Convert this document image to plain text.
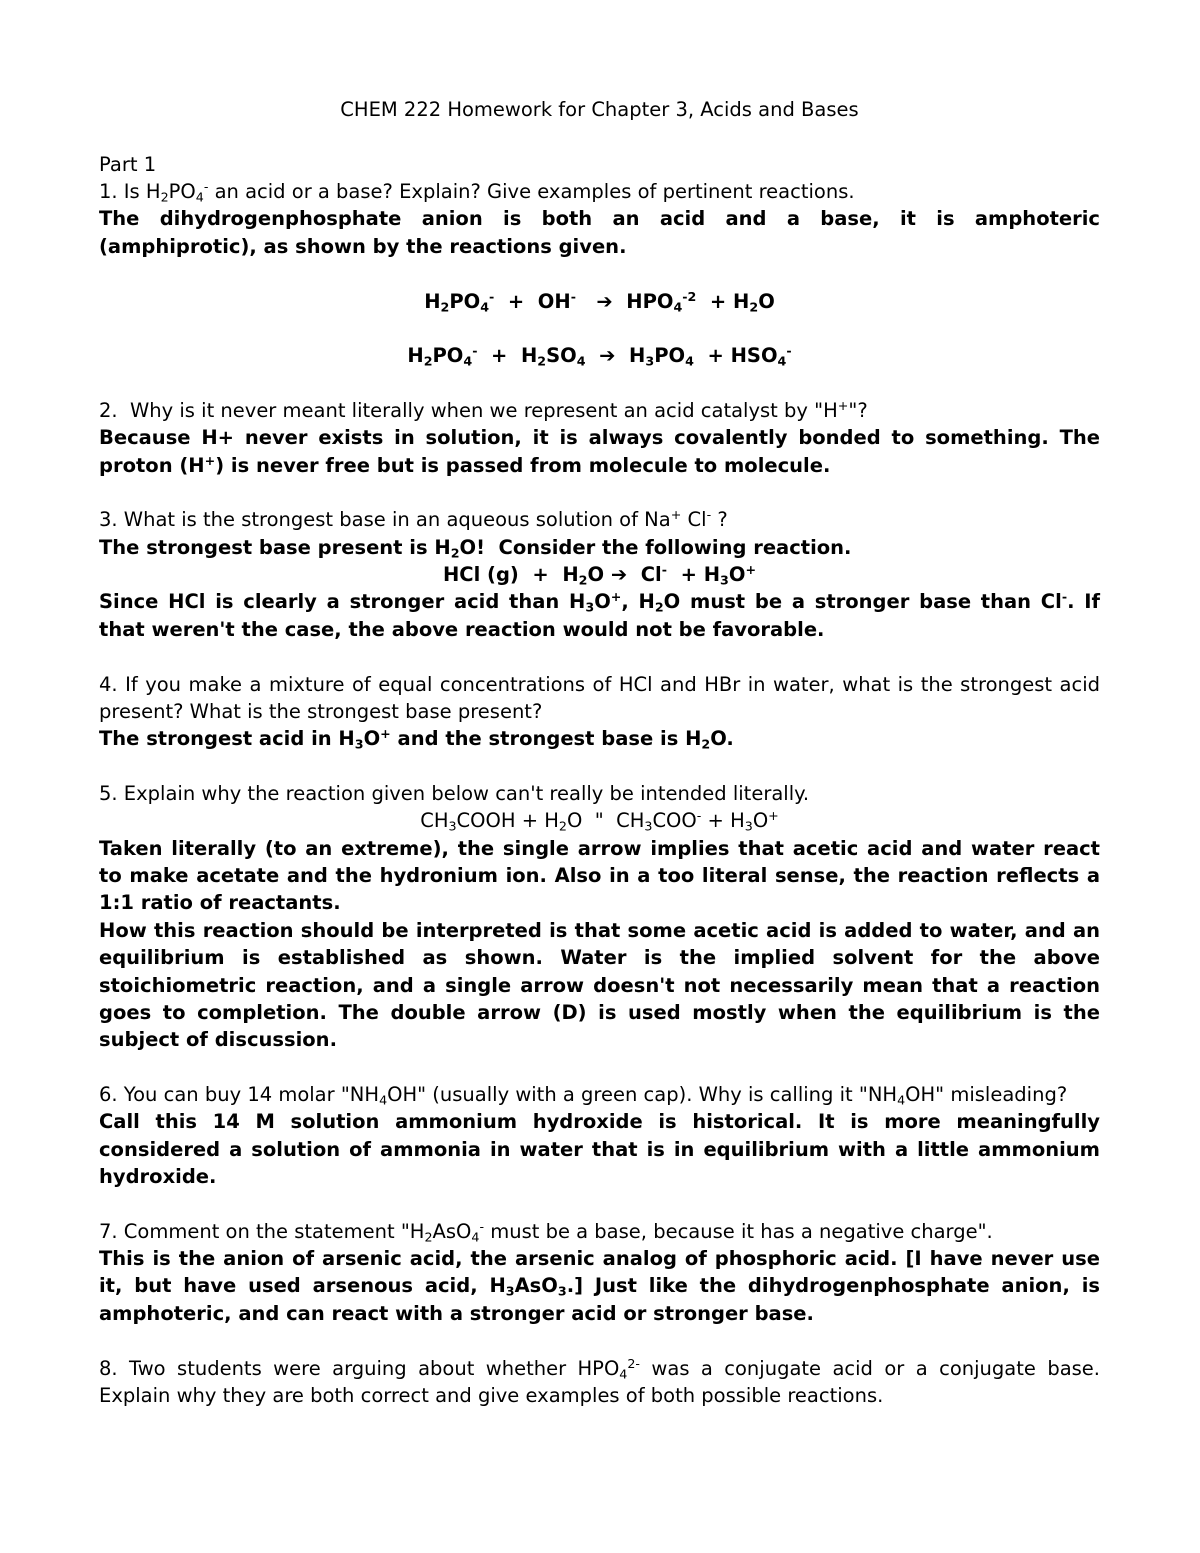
CHEM 222 Homework for Chapter 3, Acids and Bases
Part 1
1. Is $H_2PO_4^-$ an acid or a base? Explain? Give examples of pertinent reactions.
The dihydrogenphosphate anion is both an acid and a base, it is amphoteric
(amphiprotic), as shown by the reactions given.
$H_2PO_4^- + OH^-$   ➔  $HPO_4^{-2} + H_2O$
$H_2PO_4^- + H_2SO_4$  ➔  $H_3PO_4 + HSO_4^-$
2.  Why is it never meant literally when we represent an acid catalyst by "H+"?
Because H+ never exists in solution, it is always covalently bonded to something. The
proton (H+) is never free but is passed from molecule to molecule.
3. What is the strongest base in an aqueous solution of Na+ Cl- ?
The strongest base present is $H_2O$!  Consider the following reaction.
HCl $(g) + H_2O$ ➔  $Cl^- + H_3O^+$
Since HCl is clearly a stronger acid than $H_3O^+$, $H_2O$ must be a stronger base than Cl-. If
that weren't the case, the above reaction would not be favorable.
4. If you make a mixture of equal concentrations of HCl and HBr in water, what is the strongest acid
present? What is the strongest base present?
The strongest acid in $H_3O^+$ and the strongest base is $H_2O$.
5. Explain why the reaction given below can't really be intended literally.
$CH_3COOH + H_2O$  "  $CH_3COO^- + H_3O^+$
Taken literally (to an extreme), the single arrow implies that acetic acid and water react
to make acetate and the hydronium ion. Also in a too literal sense, the reaction reflects a
1:1 ratio of reactants.
How this reaction should be interpreted is that some acetic acid is added to water, and an
equilibrium is established as shown. Water is the implied solvent for the above
stoichiometric reaction, and a single arrow doesn't not necessarily mean that a reaction
goes to completion. The double arrow (D) is used mostly when the equilibrium is the
subject of discussion.
6. You can buy 14 molar "$NH_4OH$" (usually with a green cap). Why is calling it "$NH_4OH$" misleading?
Call this 14 M solution ammonium hydroxide is historical. It is more meaningfully
considered a solution of ammonia in water that is in equilibrium with a little ammonium
hydroxide.
7. Comment on the statement "$H_2AsO_4^-$ must be a base, because it has a negative charge".
This is the anion of arsenic acid, the arsenic analog of phosphoric acid. [I have never use
it, but have used arsenous acid, $H_3AsO_3$.] Just like the dihydrogenphosphate anion, is
amphoteric, and can react with a stronger acid or stronger base.
8. Two students were arguing about whether $HPO_4^{2-}$ was a conjugate acid or a conjugate base.
Explain why they are both correct and give examples of both possible reactions.
